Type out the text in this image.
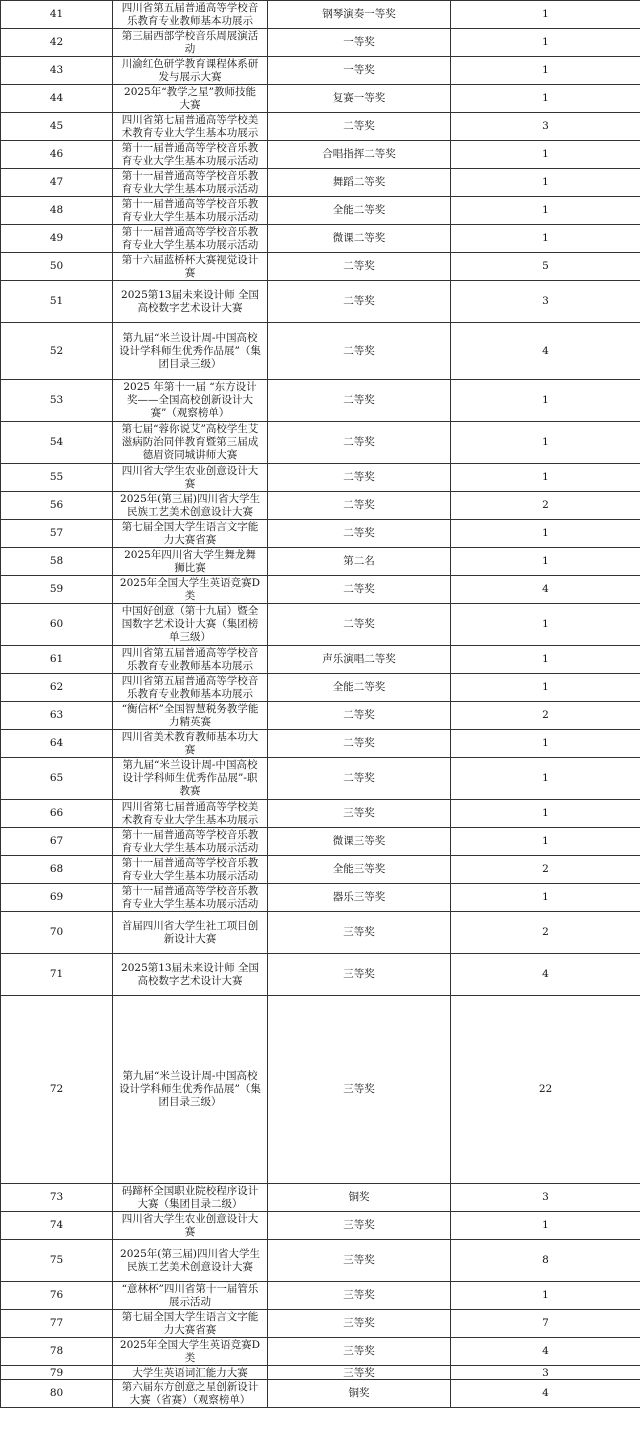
41	四川省第五届普通高等学校音乐教育专业教师基本功展示	钢琴演奏一等奖	1
42	第三届西部学校音乐周展演活动	一等奖	1
43	川渝红色研学教育课程体系研发与展示大赛	一等奖	1
44	2025年“教学之星”教师技能大赛	复赛一等奖	1
45	四川省第七届普通高等学校美术教育专业大学生基本功展示	二等奖	3
46	第十一届普通高等学校音乐教育专业大学生基本功展示活动	合唱指挥二等奖	1
47	第十一届普通高等学校音乐教育专业大学生基本功展示活动	舞蹈二等奖	1
48	第十一届普通高等学校音乐教育专业大学生基本功展示活动	全能二等奖	1
49	第十一届普通高等学校音乐教育专业大学生基本功展示活动	微课二等奖	1
50	第十六届蓝桥杯大赛视觉设计赛	二等奖	5
51	2025第13届未来设计师 全国高校数字艺术设计大赛	二等奖	3
52	第九届“米兰设计周-中国高校设计学科师生优秀作品展”（集团目录三级）	二等奖	4
53	2025 年第十一届 “东方设计奖——全国高校创新设计大赛”（观察榜单）	二等奖	1
54	第七届“蓉你说艾”高校学生艾滋病防治同伴教育暨第三届成德眉资同城讲师大赛	二等奖	1
55	四川省大学生农业创意设计大赛	二等奖	1
56	2025年(第三届)四川省大学生民族工艺美术创意设计大赛	二等奖	2
57	第七届全国大学生语言文字能力大赛省赛	二等奖	1
58	2025年四川省大学生舞龙舞狮比赛	第二名	1
59	2025年全国大学生英语竞赛D类	二等奖	4
60	中国好创意（第十九届）暨全国数字艺术设计大赛（集团榜单三级）	二等奖	1
61	四川省第五届普通高等学校音乐教育专业教师基本功展示	声乐演唱二等奖	1
62	四川省第五届普通高等学校音乐教育专业教师基本功展示	全能二等奖	1
63	“衡信杯”全国智慧税务教学能力精英赛	二等奖	2
64	四川省美术教育教师基本功大赛	二等奖	1
65	第九届“米兰设计周-中国高校设计学科师生优秀作品展”-职教赛	二等奖	1
66	四川省第七届普通高等学校美术教育专业大学生基本功展示	三等奖	1
67	第十一届普通高等学校音乐教育专业大学生基本功展示活动	微课三等奖	1
68	第十一届普通高等学校音乐教育专业大学生基本功展示活动	全能三等奖	2
69	第十一届普通高等学校音乐教育专业大学生基本功展示活动	器乐三等奖	1
70	首届四川省大学生社工项目创新设计大赛	三等奖	2
71	2025第13届未来设计师 全国高校数字艺术设计大赛	三等奖	4
72	第九届“米兰设计周-中国高校设计学科师生优秀作品展”（集团目录三级）	三等奖	22
73	码蹄杯全国职业院校程序设计大赛（集团目录二级）	铜奖	3
74	四川省大学生农业创意设计大赛	三等奖	1
75	2025年(第三届)四川省大学生民族工艺美术创意设计大赛	三等奖	8
76	“意林杯”四川省第十一届管乐展示活动	三等奖	1
77	第七届全国大学生语言文字能力大赛省赛	三等奖	7
78	2025年全国大学生英语竞赛D类	三等奖	4
79	大学生英语词汇能力大赛	三等奖	3
80	第六届东方创意之星创新设计大赛（省赛）（观察榜单）	铜奖	4
